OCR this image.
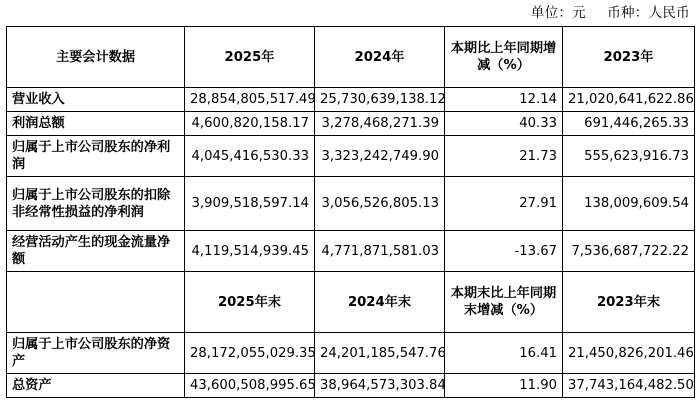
单位：元 币种：人民币
主要会计数据	2025年	2024年	本期比上年同期增减（%）	2023年
营业收入	28,854,805,517.49	25,730,639,138.12	12.14	21,020,641,622.86
利润总额	4,600,820,158.17	3,278,468,271.39	40.33	691,446,265.33
归属于上市公司股东的净利润	4,045,416,530.33	3,323,242,749.90	21.73	555,623,916.73
归属于上市公司股东的扣除非经常性损益的净利润	3,909,518,597.14	3,056,526,805.13	27.91	138,009,609.54
经营活动产生的现金流量净额	4,119,514,939.45	4,771,871,581.03	-13.67	7,536,687,722.22
	2025年末	2024年末	本期末比上年同期末增减（%）	2023年末
归属于上市公司股东的净资产	28,172,055,029.35	24,201,185,547.76	16.41	21,450,826,201.46
总资产	43,600,508,995.65	38,964,573,303.84	11.90	37,743,164,482.50
